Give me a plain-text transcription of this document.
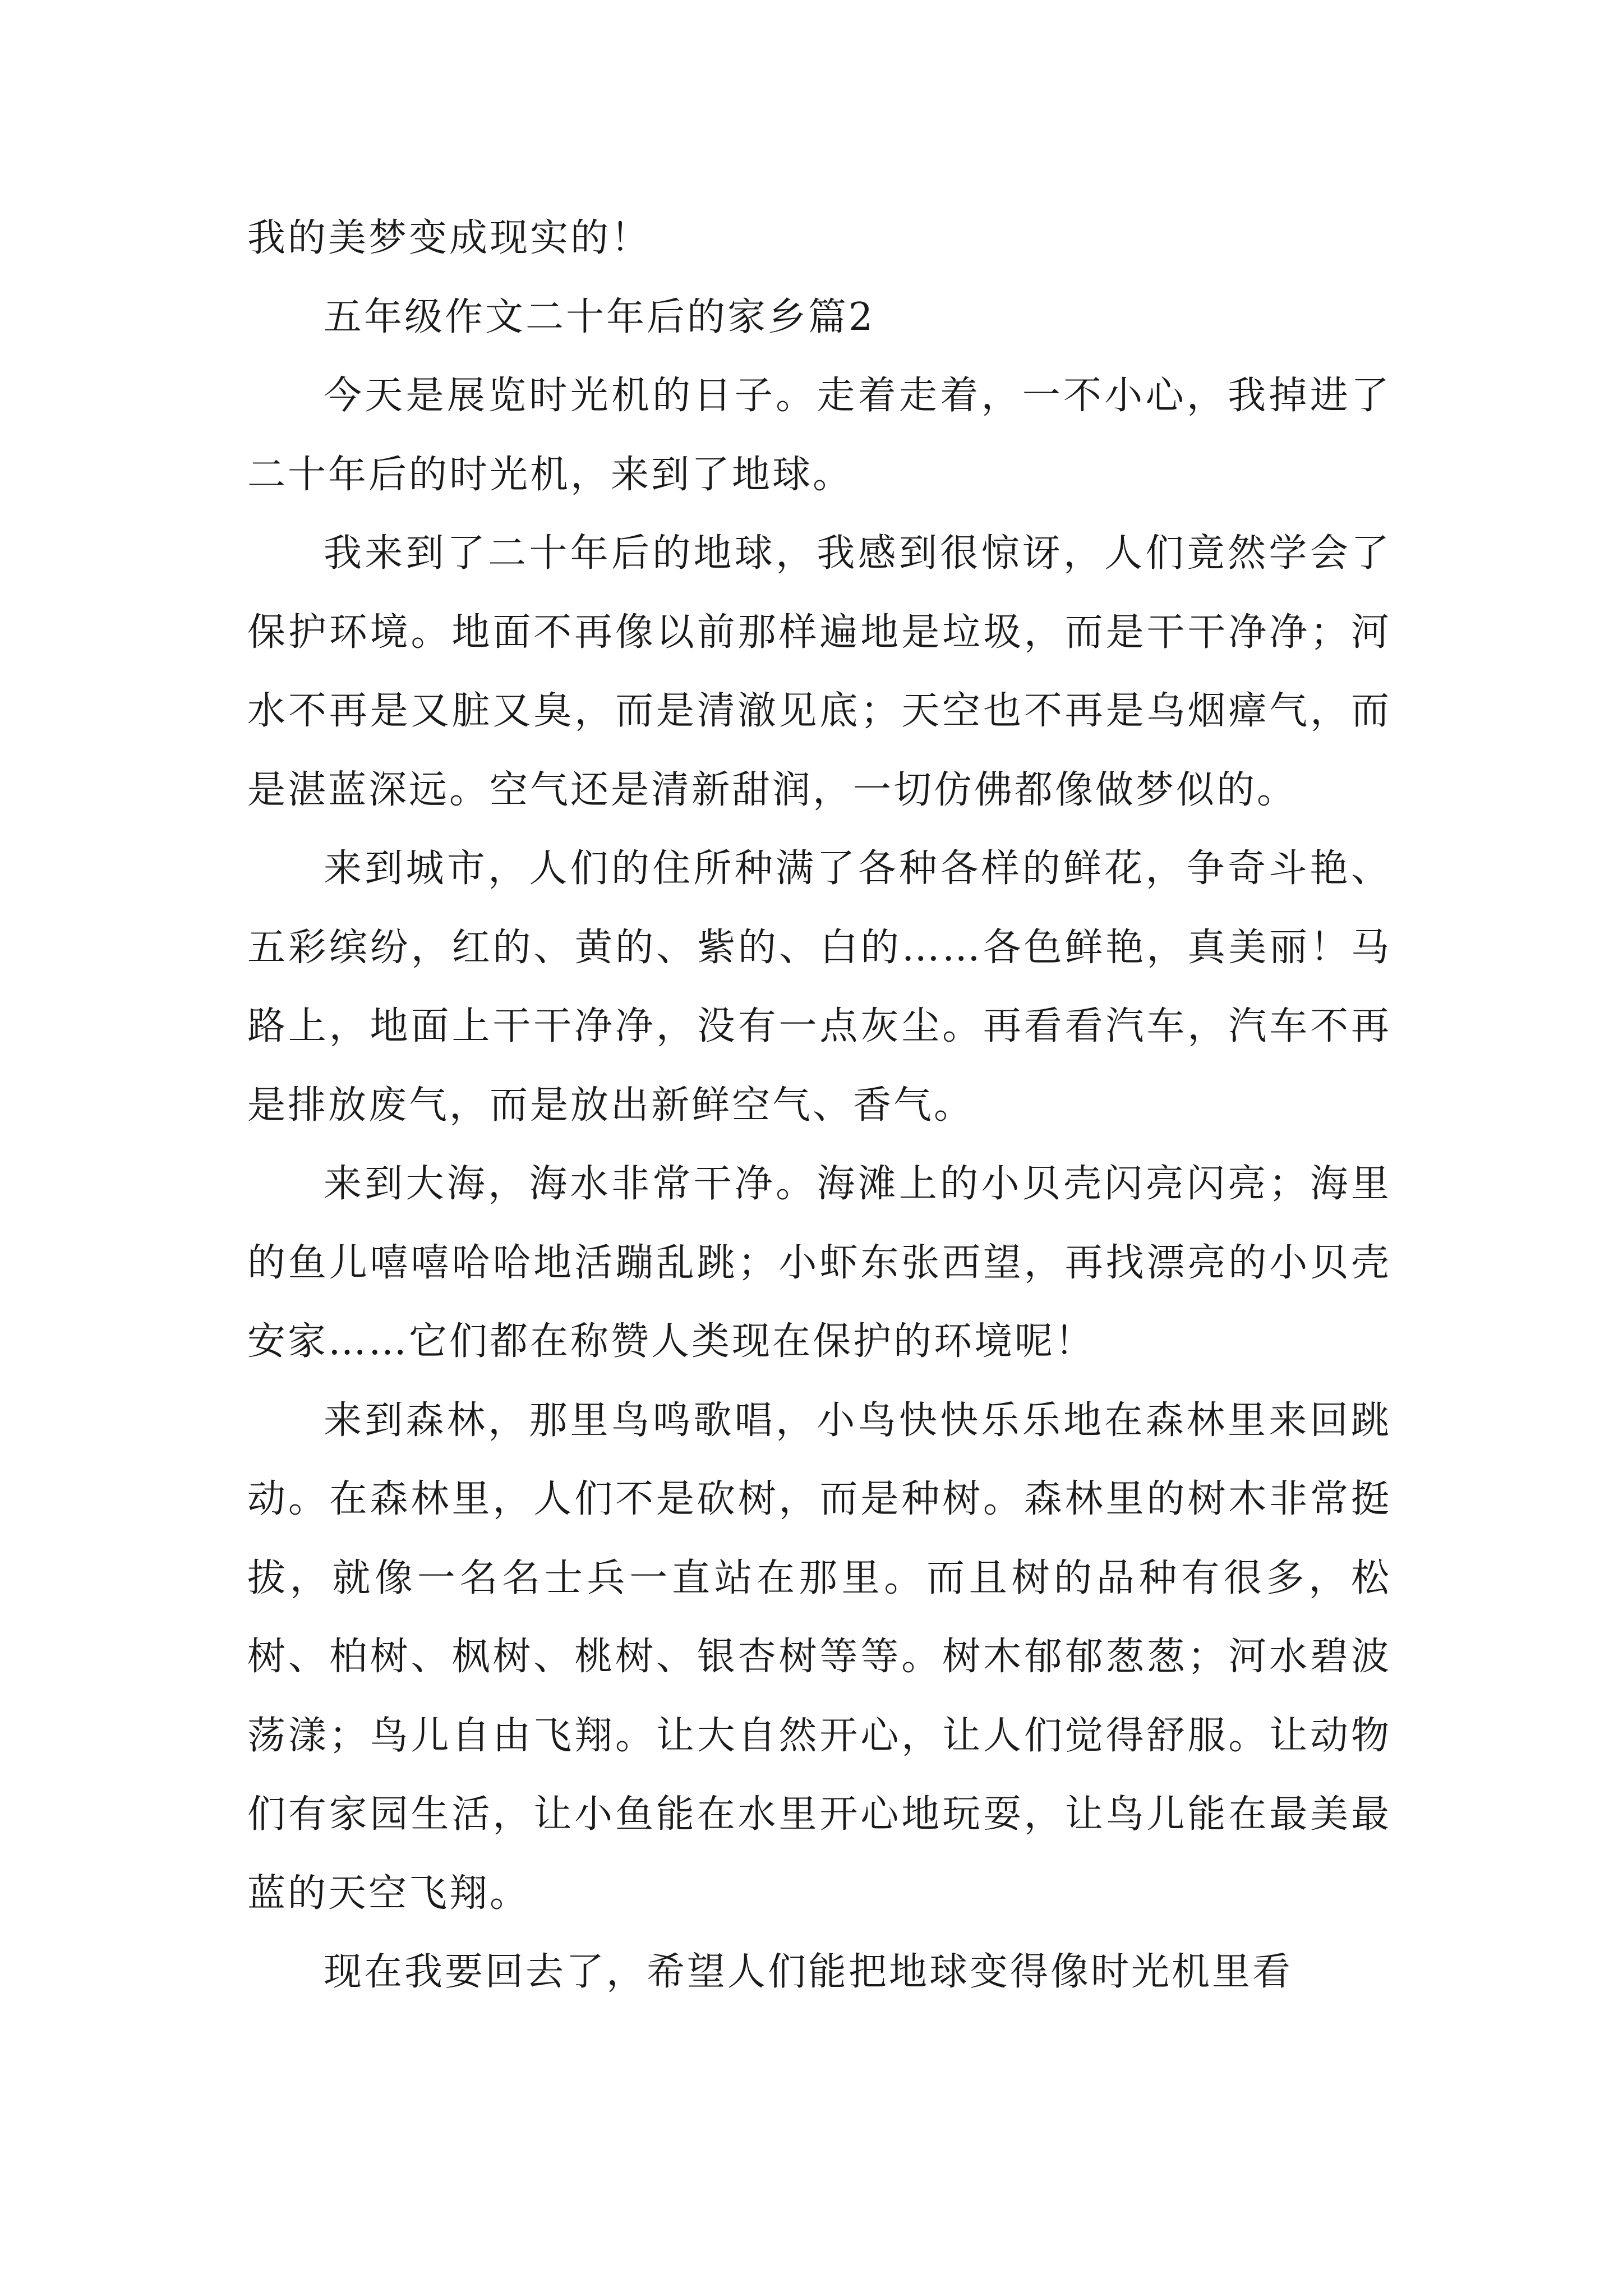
我的美梦变成现实的！

五年级作文二十年后的家乡篇2

今天是展览时光机的日子。走着走着，一不小心，我掉进了二十年后的时光机，来到了地球。

我来到了二十年后的地球，我感到很惊讶，人们竟然学会了保护环境。地面不再像以前那样遍地是垃圾，而是干干净净；河水不再是又脏又臭，而是清澈见底；天空也不再是乌烟瘴气，而是湛蓝深远。空气还是清新甜润，一切仿佛都像做梦似的。

来到城市，人们的住所种满了各种各样的鲜花，争奇斗艳、五彩缤纷，红的、黄的、紫的、白的……各色鲜艳，真美丽！马路上，地面上干干净净，没有一点灰尘。再看看汽车，汽车不再是排放废气，而是放出新鲜空气、香气。

来到大海，海水非常干净。海滩上的小贝壳闪亮闪亮；海里的鱼儿嘻嘻哈哈地活蹦乱跳；小虾东张西望，再找漂亮的小贝壳安家……它们都在称赞人类现在保护的环境呢！

来到森林，那里鸟鸣歌唱，小鸟快快乐乐地在森林里来回跳动。在森林里，人们不是砍树，而是种树。森林里的树木非常挺拔，就像一名名士兵一直站在那里。而且树的品种有很多，松树、柏树、枫树、桃树、银杏树等等。树木郁郁葱葱；河水碧波荡漾；鸟儿自由飞翔。让大自然开心，让人们觉得舒服。让动物们有家园生活，让小鱼能在水里开心地玩耍，让鸟儿能在最美最蓝的天空飞翔。

现在我要回去了，希望人们能把地球变得像时光机里看
